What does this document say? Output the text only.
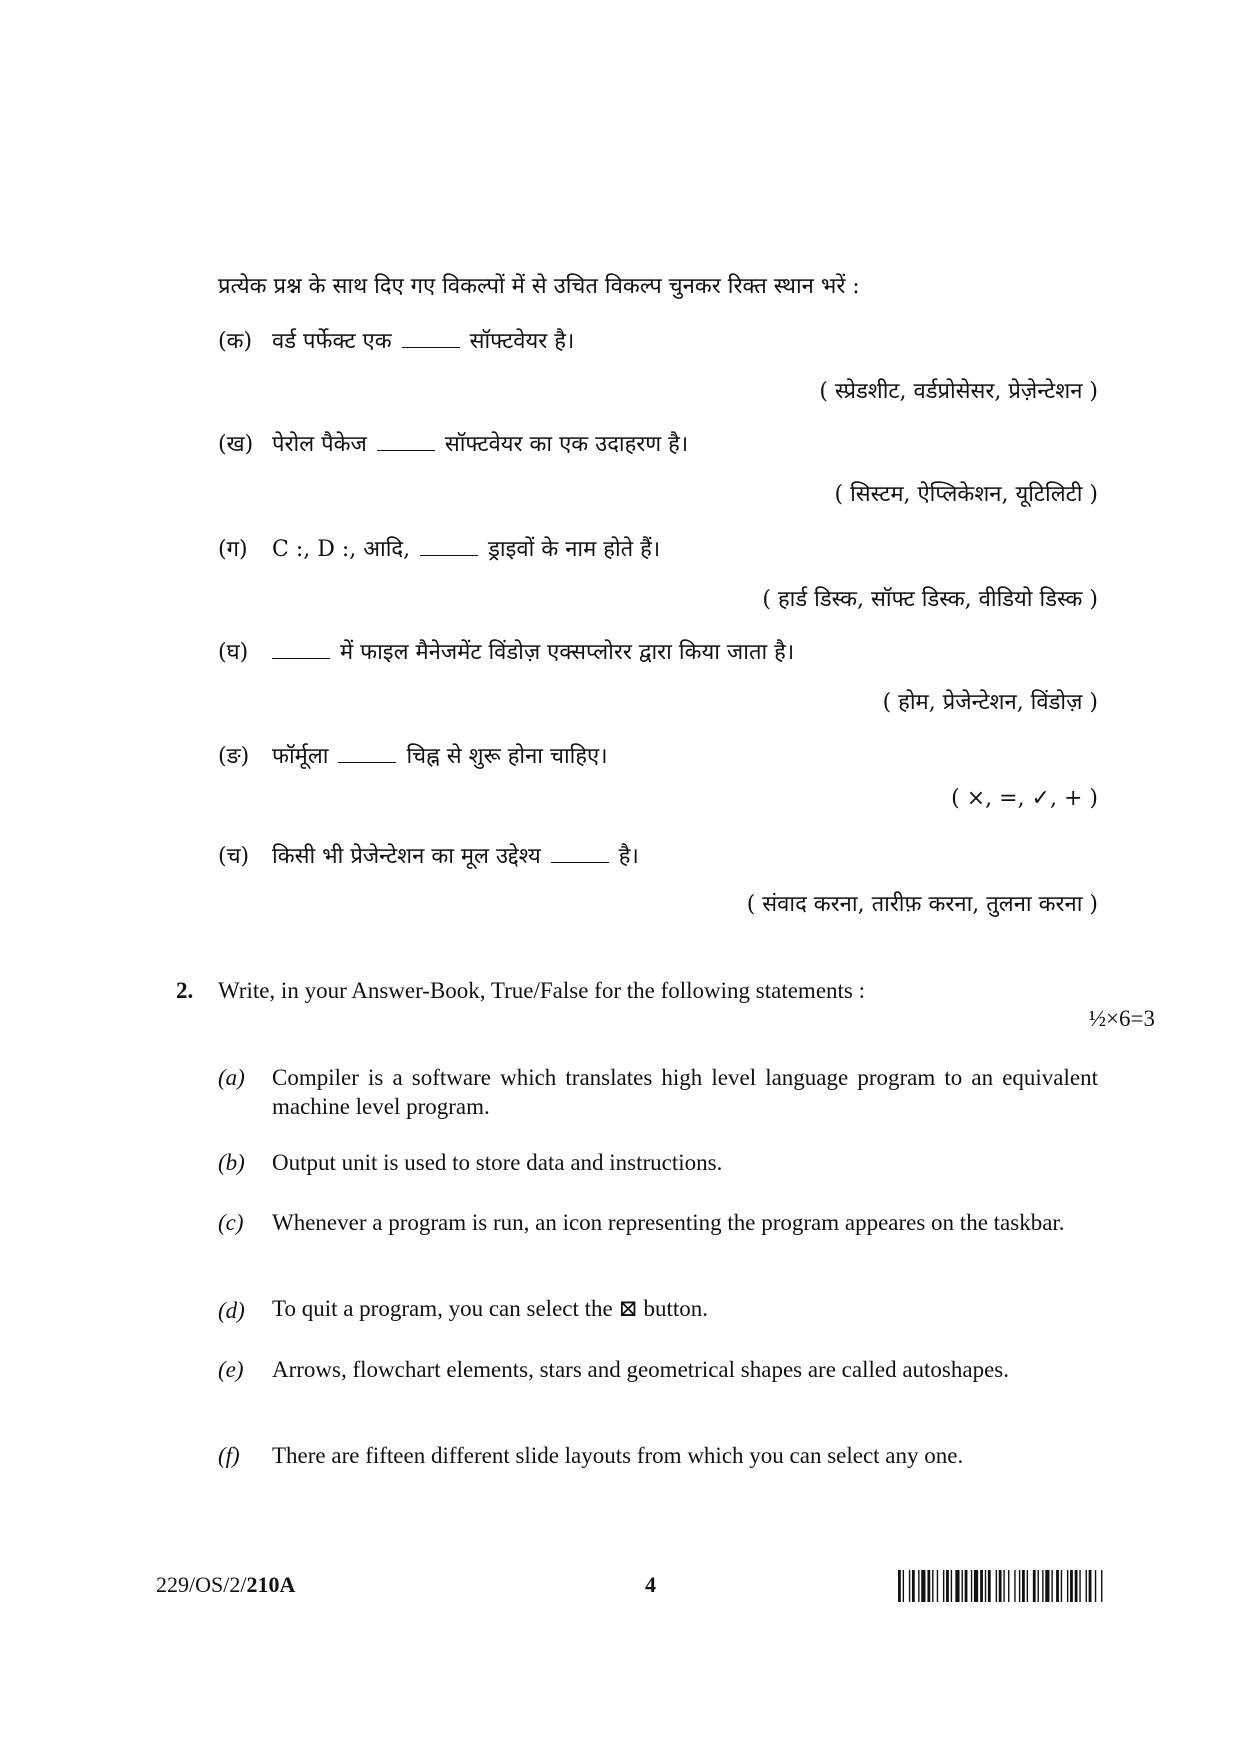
प्रत्येक प्रश्न के साथ दिए गए विकल्पों में से उचित विकल्प चुनकर रिक्त स्थान भरें :
(क) वर्ड पर्फेक्ट एक	सॉफ्टवेयर है।
( स्प्रेडशीट, वर्डप्रोसेसर, प्रेज़ेन्टेशन )
(ख) पेरोल पैकेज	सॉफ्टवेयर का एक उदाहरण है।
( सिस्टम, ऐप्लिकेशन, यूटिलिटी )
(ग) C :, D :, आदि,	ड्राइवों के नाम होते हैं।
( हार्ड डिस्क, सॉफ्ट डिस्क, वीडियो डिस्क )
(घ)	में फाइल मैनेजमेंट विंडोज़ एक्सप्लोरर द्वारा किया जाता है।
( होम, प्रेजेन्टेशन, विंडोज़ )
(ङ) फॉर्मूला	चिह्न से शुरू होना चाहिए।
( ×, =, ✓, + )
(च) किसी भी प्रेजेन्टेशन का मूल उद्देश्य	है।
( संवाद करना, तारीफ़ करना, तुलना करना )
2. Write, in your Answer-Book, True/False for the following statements :
½×6=3
(a) Compiler is a software which translates high level language program to an equivalent machine level program.
(b) Output unit is used to store data and instructions.
(c) Whenever a program is run, an icon representing the program appeares on the taskbar.
(d) To quit a program, you can select the ⊠ button.
(e) Arrows, flowchart elements, stars and geometrical shapes are called autoshapes.
(f) There are fifteen different slide layouts from which you can select any one.
229/OS/2/210A	4
